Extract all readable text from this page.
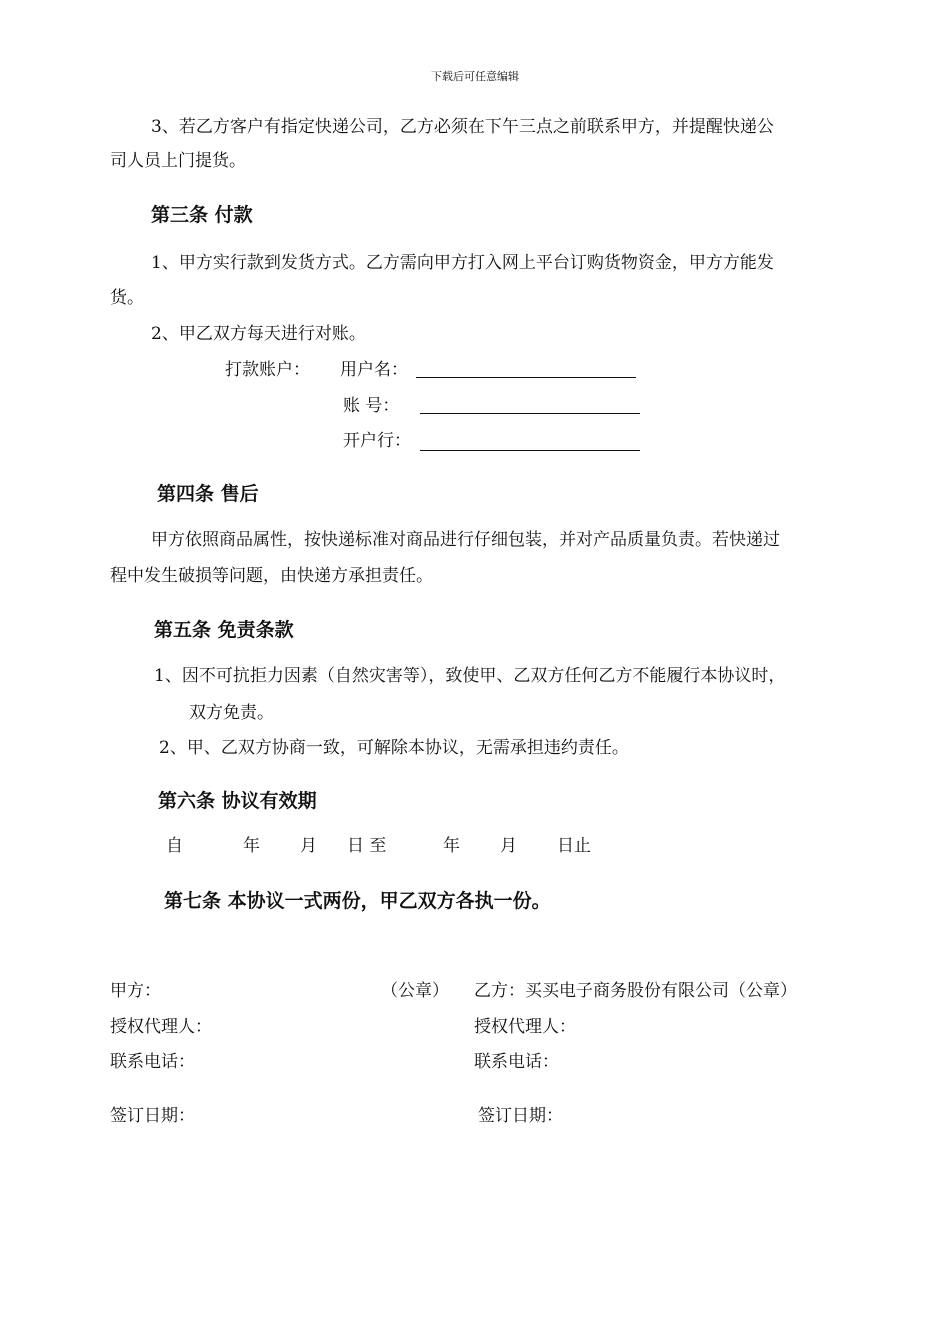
下载后可任意编辑
3、若乙方客户有指定快递公司，乙方必须在下午三点之前联系甲方，并提醒快递公
司人员上门提货。
第三条 付款
1、甲方实行款到发货方式。乙方需向甲方打入网上平台订购货物资金，甲方方能发
货。
2、甲乙双方每天进行对账。
打款账户： 用户名：
账 号：
开户行：
第四条 售后
甲方依照商品属性，按快递标准对商品进行仔细包装，并对产品质量负责。若快递过
程中发生破损等问题，由快递方承担责任。
第五条 免责条款
1、因不可抗拒力因素（自然灾害等），致使甲、乙双方任何乙方不能履行本协议时，
双方免责。
2、甲、乙双方协商一致，可解除本协议，无需承担违约责任。
第六条 协议有效期
自	年 月 日 至	年 月 日止
第七条 本协议一式两份，甲乙双方各执一份。
甲方：	（公章） 乙方：买买电子商务股份有限公司（公章）
授权代理人：	授权代理人：
联系电话：	联系电话：
签订日期：	签订日期：
